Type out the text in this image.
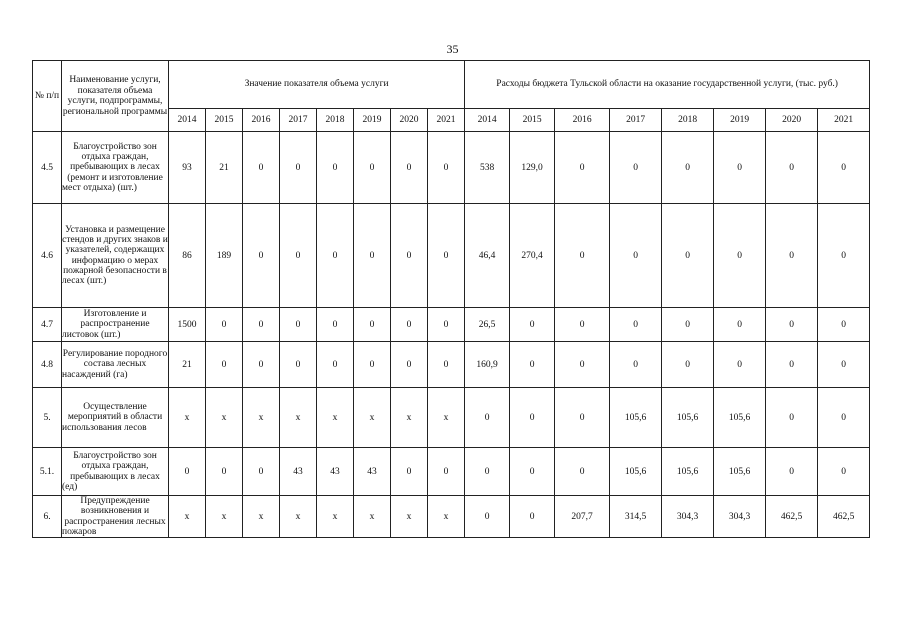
35
№ п/п	Наименование услуги, показателя объема услуги, подпрограммы, региональной программы	Значение показателя объема услуги								Расходы бюджета Тульской области на оказание государственной услуги, (тыс. руб.)							
		2014	2015	2016	2017	2018	2019	2020	2021	2014	2015	2016	2017	2018	2019	2020	2021
4.5	Благоустройство зон отдыха граждан, пребывающих в лесах (ремонт и изготовление мест отдыха) (шт.)	93	21	0	0	0	0	0	0	538	129,0	0	0	0	0	0	0
4.6	Установка и размещение стендов и других знаков и указателей, содержащих информацию о мерах пожарной безопасности в лесах (шт.)	86	189	0	0	0	0	0	0	46,4	270,4	0	0	0	0	0	0
4.7	Изготовление и распространение листовок (шт.)	1500	0	0	0	0	0	0	0	26,5	0	0	0	0	0	0	0
4.8	Регулирование породного состава лесных насаждений (га)	21	0	0	0	0	0	0	0	160,9	0	0	0	0	0	0	0
5.	Осуществление мероприятий в области использования лесов	х	х	х	х	х	х	х	х	0	0	0	105,6	105,6	105,6	0	0
5.1.	Благоустройство зон отдыха граждан, пребывающих в лесах (ед)	0	0	0	43	43	43	0	0	0	0	0	105,6	105,6	105,6	0	0
6.	Предупреждение возникновения и распространения лесных пожаров	х	х	х	х	х	х	х	х	0	0	207,7	314,5	304,3	304,3	462,5	462,5
